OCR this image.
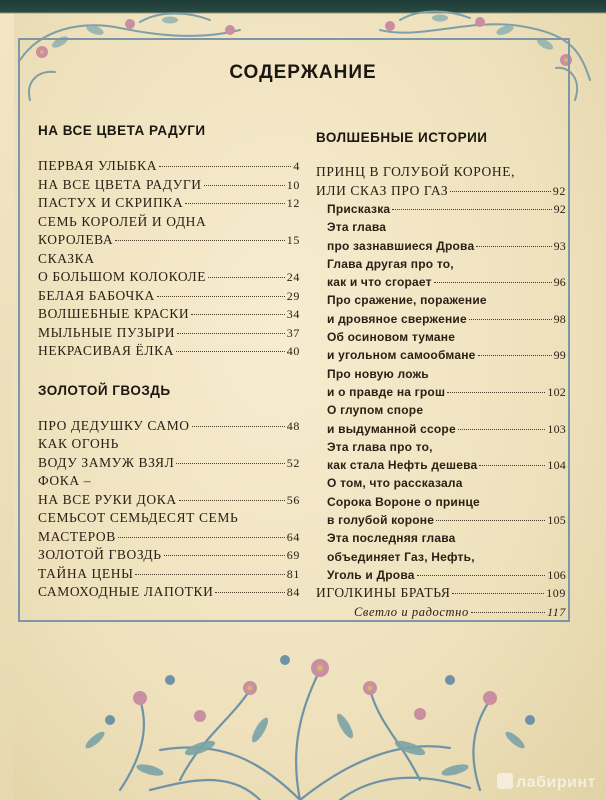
СОДЕРЖАНИЕ
НА ВСЕ ЦВЕТА РАДУГИ
ПЕРВАЯ УЛЫБКА	4
НА ВСЕ ЦВЕТА РАДУГИ	10
ПАСТУХ И СКРИПКА	12
СЕМЬ КОРОЛЕЙ И ОДНА
КОРОЛЕВА	15
СКАЗКА
О БОЛЬШОМ КОЛОКОЛЕ	24
БЕЛАЯ БАБОЧКА	29
ВОЛШЕБНЫЕ КРАСКИ	34
МЫЛЬНЫЕ ПУЗЫРИ	37
НЕКРАСИВАЯ ЁЛКА	40
ЗОЛОТОЙ ГВОЗДЬ
ПРО ДЕДУШКУ САМО	48
КАК ОГОНЬ
ВОДУ ЗАМУЖ ВЗЯЛ	52
ФОКА –
НА ВСЕ РУКИ ДОКА	56
СЕМЬСОТ СЕМЬДЕСЯТ СЕМЬ
МАСТЕРОВ	64
ЗОЛОТОЙ ГВОЗДЬ	69
ТАЙНА ЦЕНЫ	81
САМОХОДНЫЕ ЛАПОТКИ	84
ВОЛШЕБНЫЕ ИСТОРИИ
ПРИНЦ В ГОЛУБОЙ КОРОНЕ,
ИЛИ СКАЗ ПРО ГАЗ	92
Присказка	92
Эта глава
про зазнавшиеся Дрова	93
Глава другая про то,
как и что сгорает	96
Про сражение, поражение
и дровяное свержение	98
Об осиновом тумане
и угольном самообмане	99
Про новую ложь
и о правде на грош	102
О глупом споре
и выдуманной ссоре	103
Эта глава про то,
как стала Нефть дешева	104
О том, что рассказала
Сорока Вороне о принце
в голубой короне	105
Эта последняя глава
объединяет Газ, Нефть,
Уголь и Дрова	106
ИГОЛКИНЫ БРАТЬЯ	109
Светло и радостно	117
лабиринт
